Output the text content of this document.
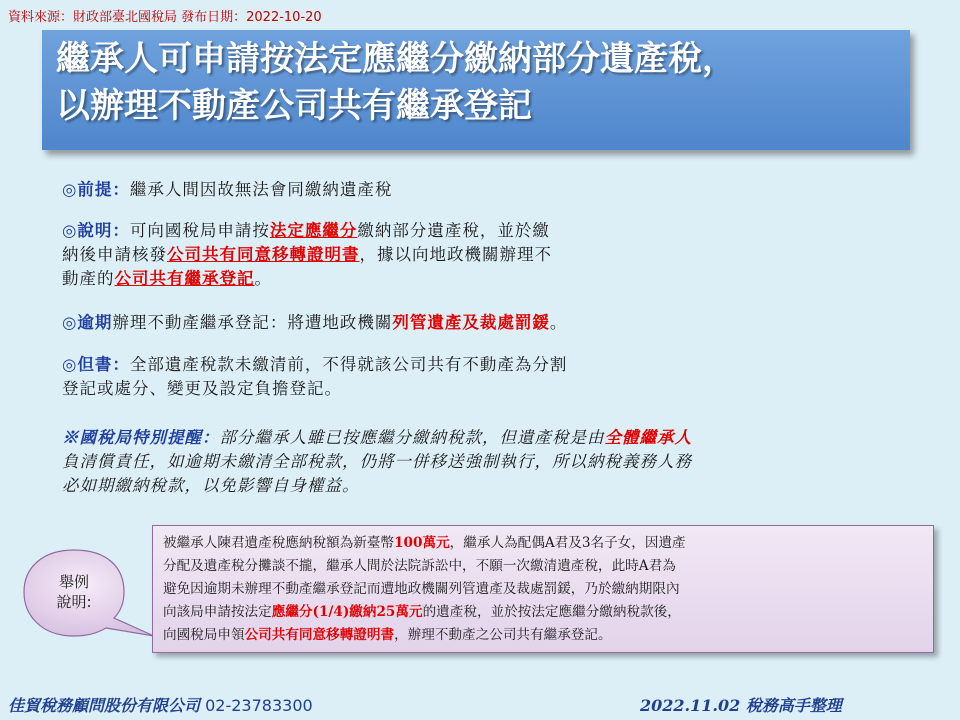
資料來源：財政部臺北國稅局 發布日期：2022-10-20
繼承人可申請按法定應繼分繳納部分遺產稅，
以辦理不動產公司共有繼承登記
◎前提：繼承人間因故無法會同繳納遺產稅
◎說明：可向國稅局申請按法定應繼分繳納部分遺產稅，並於繳
納後申請核發公司共有同意移轉證明書，據以向地政機關辦理不
動產的公司共有繼承登記。
◎逾期辦理不動產繼承登記：將遭地政機關列管遺產及裁處罰鍰。
◎但書：全部遺產稅款未繳清前，不得就該公司共有不動產為分割
登記或處分、變更及設定負擔登記。
※國稅局特別提醒：部分繼承人雖已按應繼分繳納稅款，但遺產稅是由全體繼承人
負清償責任，如逾期未繳清全部稅款，仍將一併移送強制執行，所以納稅義務人務
必如期繳納稅款，以免影響自身權益。
舉例
說明:
被繼承人陳君遺產稅應納稅額為新臺幣100萬元，繼承人為配偶A君及3名子女，因遺產
分配及遺產稅分攤談不攏，繼承人間於法院訴訟中，不願一次繳清遺產稅，此時A君為
避免因逾期未辦理不動產繼承登記而遭地政機關列管遺產及裁處罰鍰，乃於繳納期限內
向該局申請按法定應繼分(1/4)繳納25萬元的遺產稅，並於按法定應繼分繳納稅款後，
向國稅局申領公司共有同意移轉證明書，辦理不動產之公司共有繼承登記。
佳貿稅務顧問股份有限公司 02-23783300	2022.11.02 稅務高手整理
